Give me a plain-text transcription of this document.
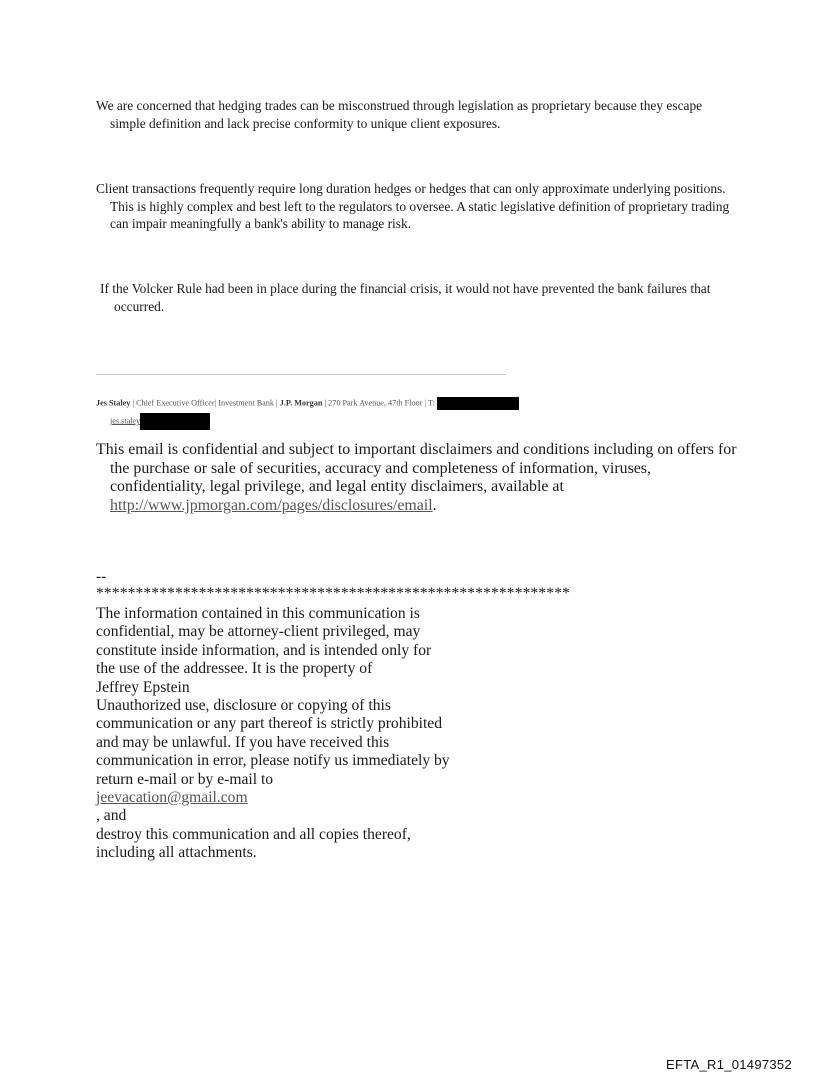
We are concerned that hedging trades can be misconstrued through legislation as proprietary because they escape simple definition and lack precise conformity to unique client exposures.

Client transactions frequently require long duration hedges or hedges that can only approximate underlying positions. This is highly complex and best left to the regulators to oversee. A static legislative definition of proprietary trading can impair meaningfully a bank's ability to manage risk.

If the Volcker Rule had been in place during the financial crisis, it would not have prevented the bank failures that occurred.

Jes Staley | Chief Executive Officer| Investment Bank | J.P. Morgan | 270 Park Avenue, 47th Floor | T:
jes.staley

This email is confidential and subject to important disclaimers and conditions including on offers for the purchase or sale of securities, accuracy and completeness of information, viruses, confidentiality, legal privilege, and legal entity disclaimers, available at http://www.jpmorgan.com/pages/disclosures/email.

--
************************************************************
The information contained in this communication is
confidential, may be attorney-client privileged, may
constitute inside information, and is intended only for
the use of the addressee. It is the property of
Jeffrey Epstein
Unauthorized use, disclosure or copying of this
communication or any part thereof is strictly prohibited
and may be unlawful. If you have received this
communication in error, please notify us immediately by
return e-mail or by e-mail to
jeevacation@gmail.com
, and
destroy this communication and all copies thereof,
including all attachments.
EFTA_R1_01497352
